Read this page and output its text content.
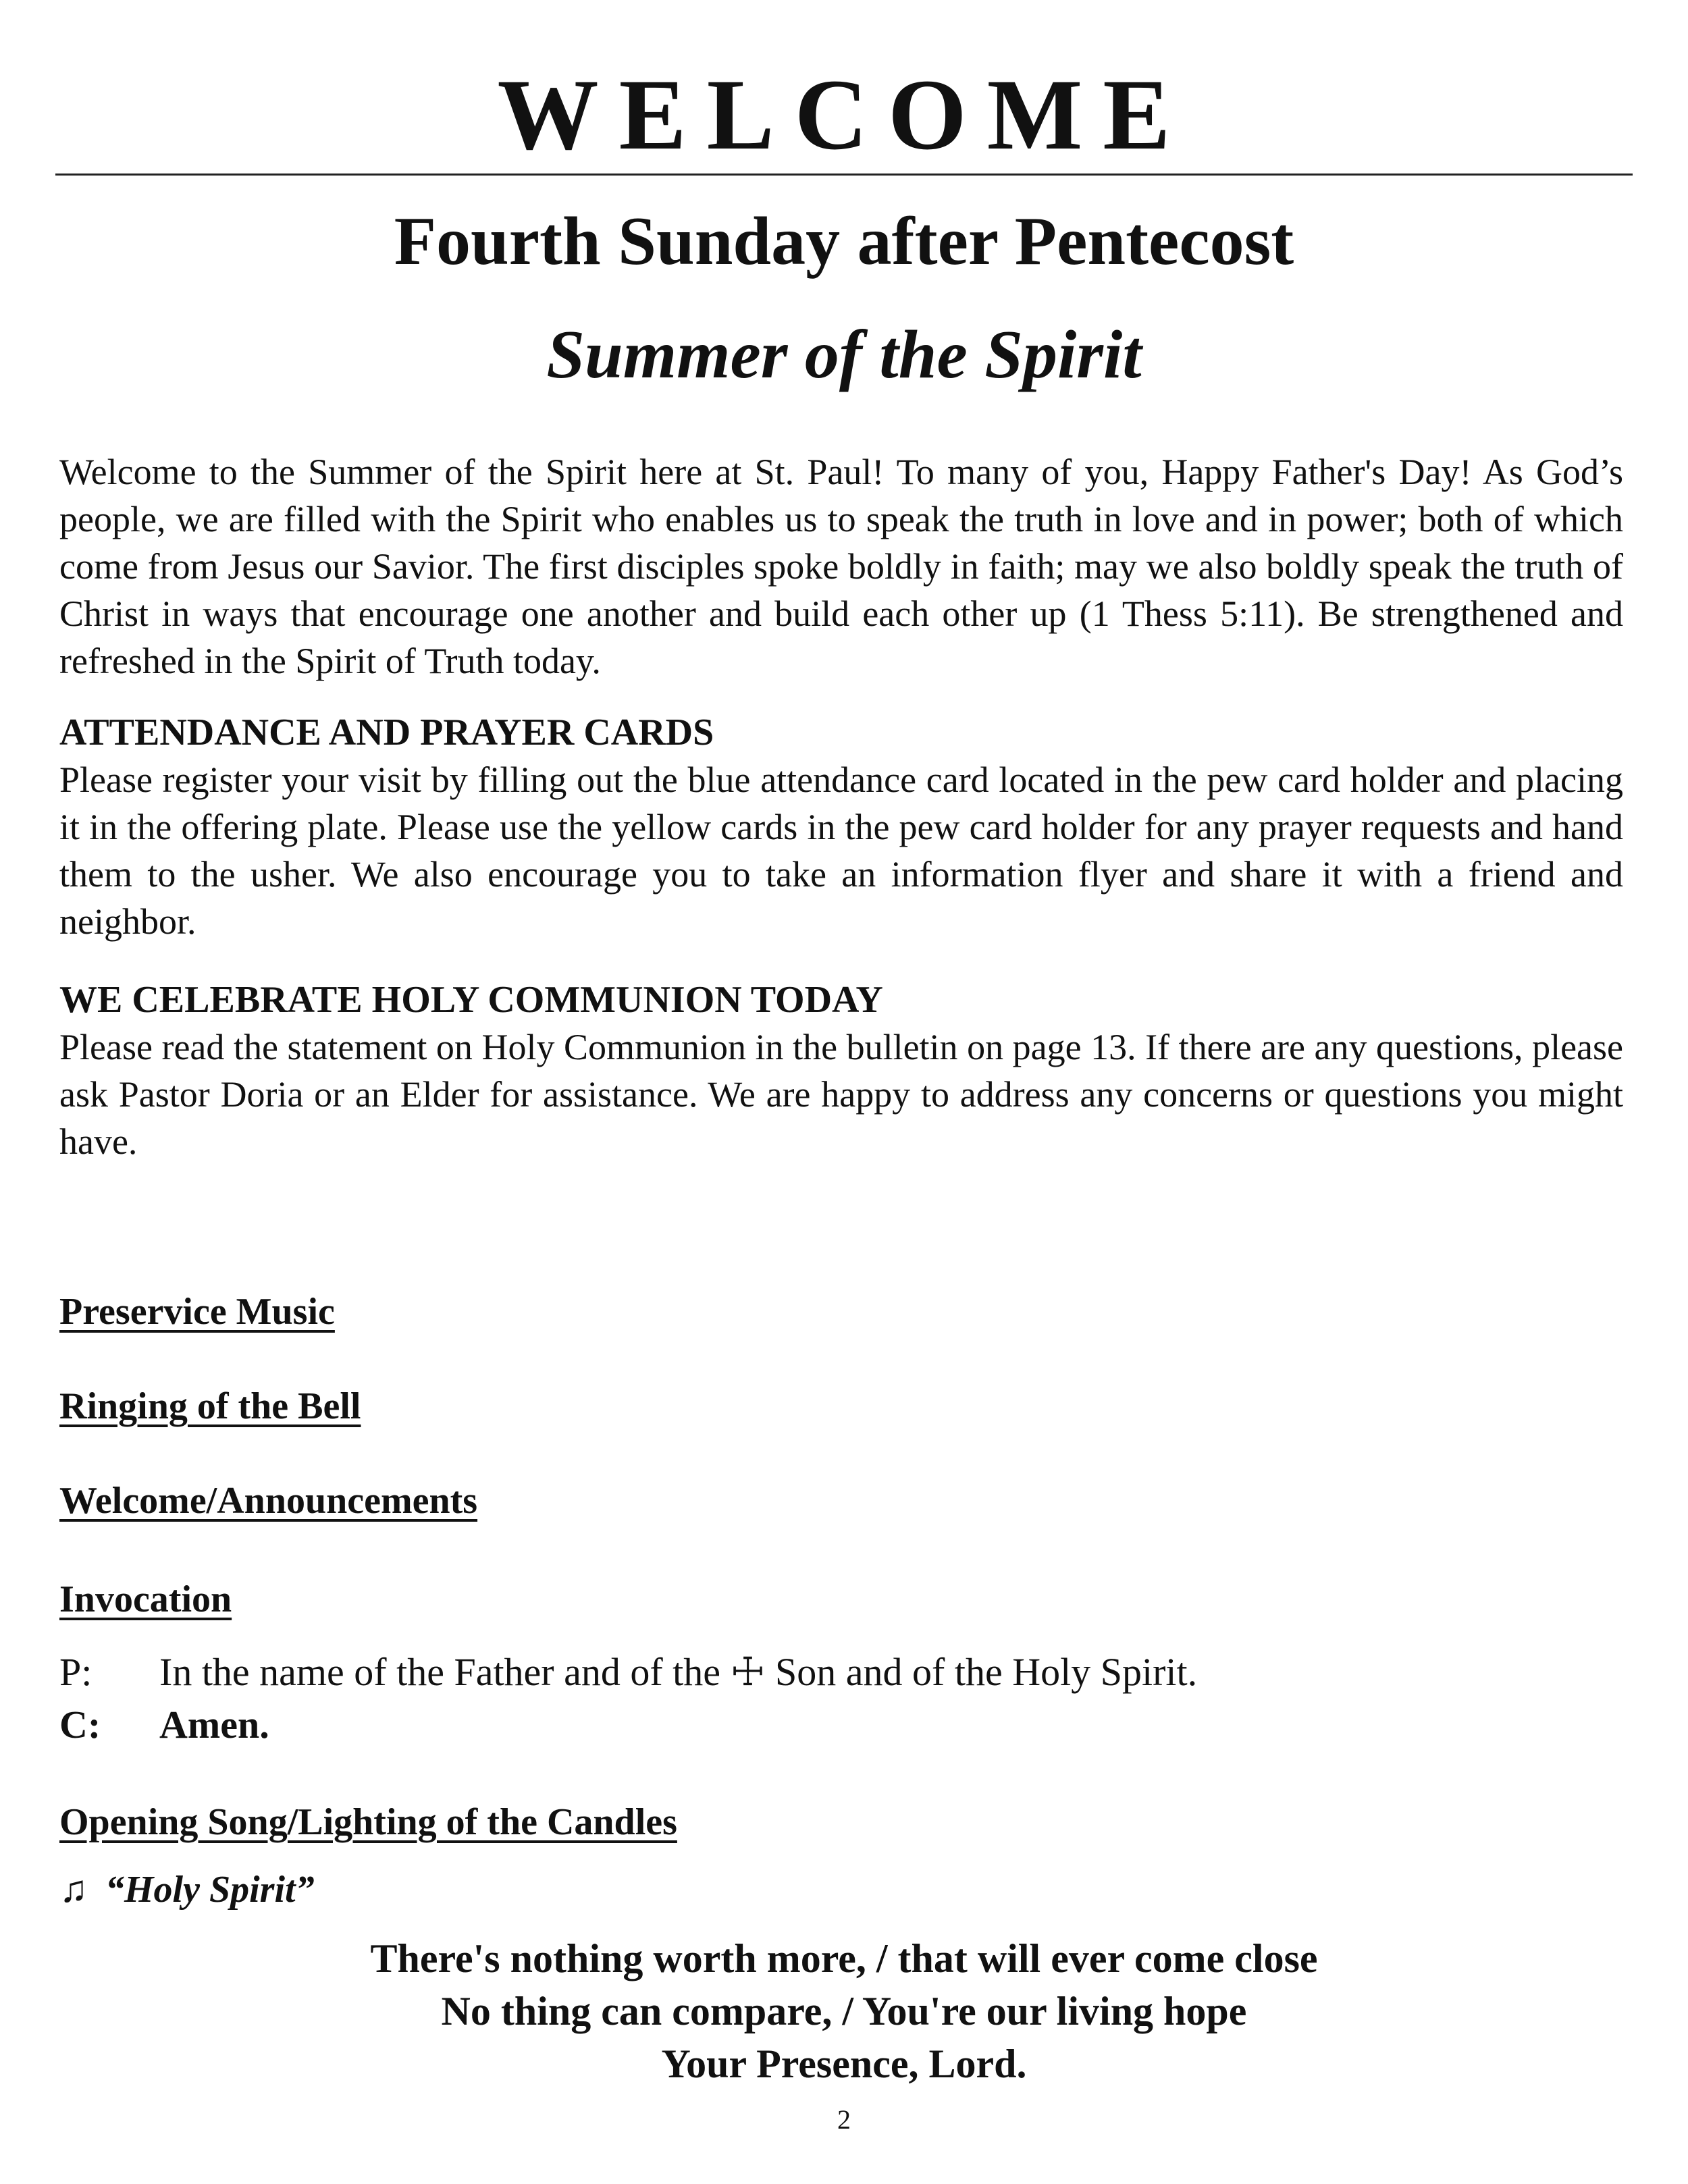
WELCOME
Fourth Sunday after Pentecost
Summer of the Spirit

Welcome to the Summer of the Spirit here at St. Paul! To many of you, Happy Father's Day! As God’s people, we are filled with the Spirit who enables us to speak the truth in love and in power; both of which come from Jesus our Savior. The first disciples spoke boldly in faith; may we also boldly speak the truth of Christ in ways that encourage one another and build each other up (1 Thess 5:11). Be strengthened and refreshed in the Spirit of Truth today.

ATTENDANCE AND PRAYER CARDS

Please register your visit by filling out the blue attendance card located in the pew card holder and placing it in the offering plate. Please use the yellow cards in the pew card holder for any prayer requests and hand them to the usher. We also encourage you to take an information flyer and share it with a friend and neighbor.

WE CELEBRATE HOLY COMMUNION TODAY

Please read the statement on Holy Communion in the bulletin on page 13. If there are any questions, please ask Pastor Doria or an Elder for assistance. We are happy to address any concerns or questions you might have.

Preservice Music
Ringing of the Bell
Welcome/Announcements
Invocation
P: In the name of the Father and of the ☩ Son and of the Holy Spirit.
C: Amen.
Opening Song/Lighting of the Candles
♫ “Holy Spirit”
There's nothing worth more, / that will ever come close
No thing can compare, / You're our living hope
Your Presence, Lord.
2
